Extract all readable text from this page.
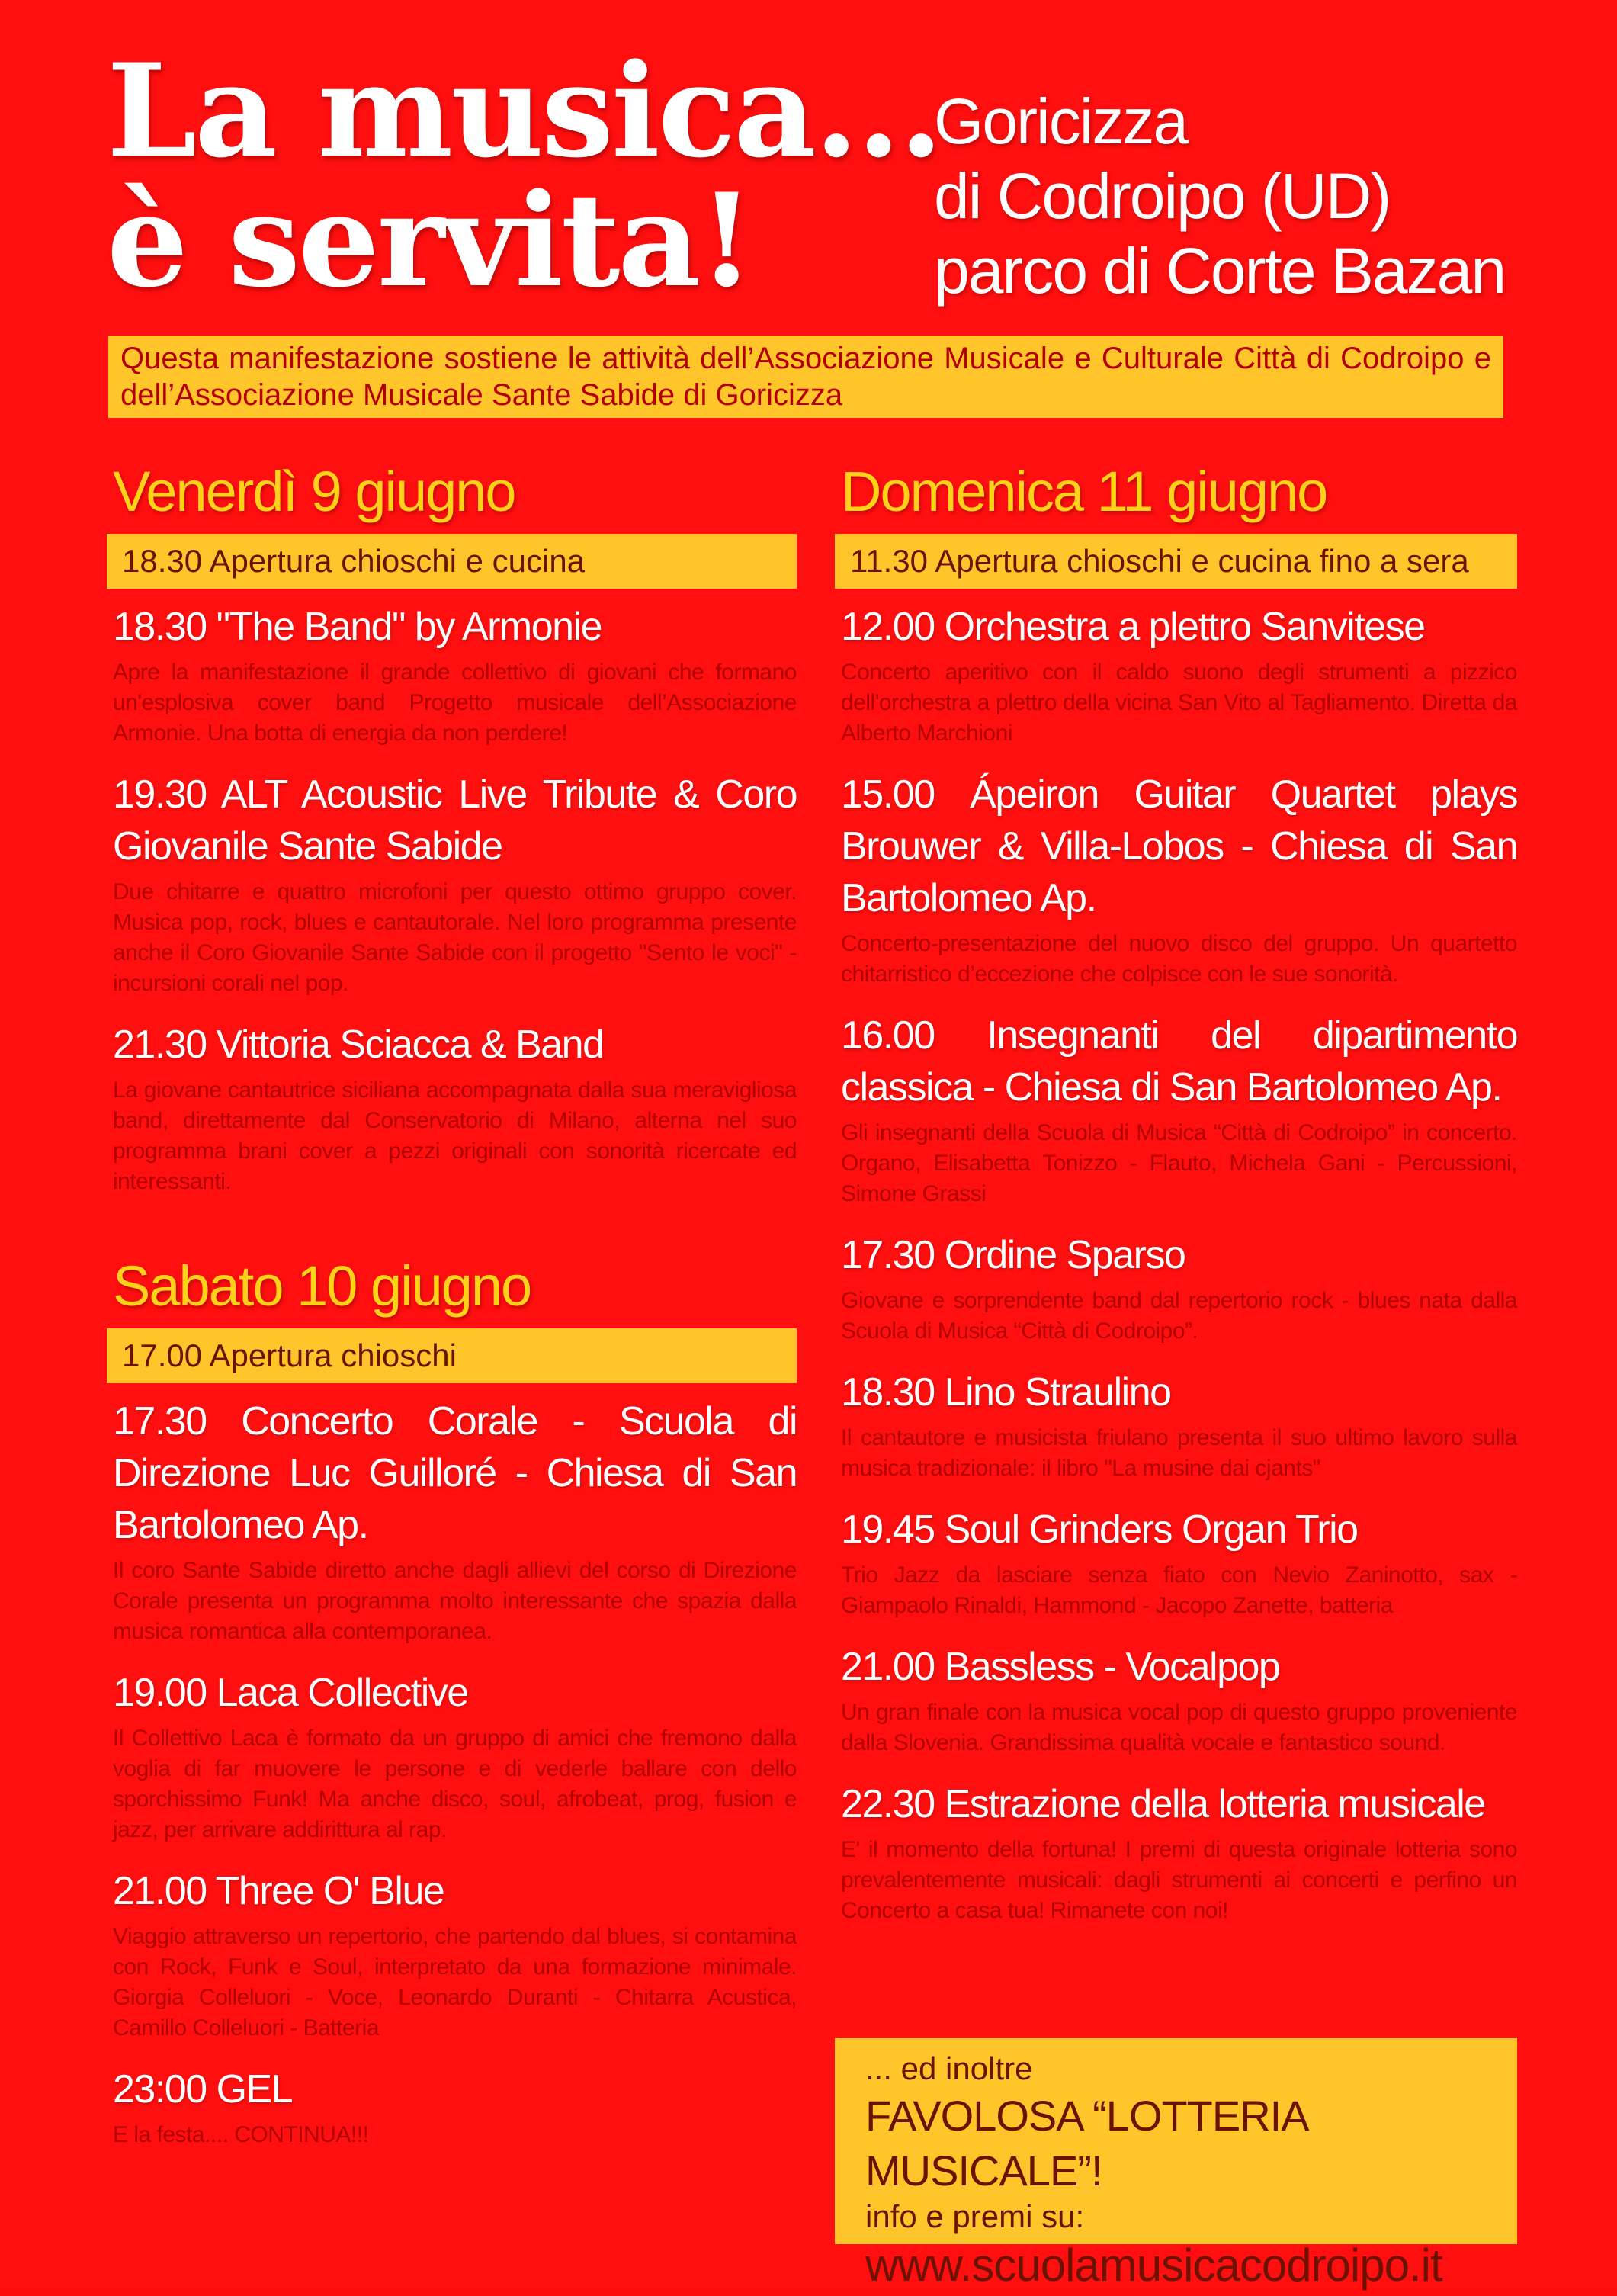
La musica...
è servita!
Goricizza
di Codroipo (UD)
parco di Corte Bazan
Questa manifestazione sostiene le attività dell’Associazione Musicale e Culturale Città di Codroipo e dell’Associazione Musicale Sante Sabide di Goricizza
Venerdì 9 giugno
18.30 Apertura chioschi e cucina
18.30 "The Band" by Armonie
Apre la manifestazione il grande collettivo di giovani che formano un'esplosiva cover band Progetto musicale dell’Associazione Armonie. Una botta di energia da non perdere!
19.30 ALT Acoustic Live Tribute & Coro Giovanile Sante Sabide
Due chitarre e quattro microfoni per questo ottimo gruppo cover. Musica pop, rock, blues e cantautorale. Nel loro programma presente anche il Coro Giovanile Sante Sabide con il progetto "Sento le voci" - incursioni corali nel pop.
21.30 Vittoria Sciacca & Band
La giovane cantautrice siciliana accompagnata dalla sua meravigliosa band, direttamente dal Conservatorio di Milano, alterna nel suo programma brani cover a pezzi originali con sonorità ricercate ed interessanti.
Sabato 10 giugno
17.00 Apertura chioschi
17.30 Concerto Corale - Scuola di Direzione Luc Guilloré - Chiesa di San Bartolomeo Ap.
Il coro Sante Sabide diretto anche dagli allievi del corso di Direzione Corale presenta un programma molto interessante che spazia dalla musica romantica alla contemporanea.
19.00 Laca Collective
Il Collettivo Laca è formato da un gruppo di amici che fremono dalla voglia di far muovere le persone e di vederle ballare con dello sporchissimo Funk! Ma anche disco, soul, afrobeat, prog, fusion e jazz, per arrivare addirittura al rap.
21.00 Three O' Blue
Viaggio attraverso un repertorio, che partendo dal blues, si contamina con Rock, Funk e Soul, interpretato da una formazione minimale. Giorgia Colleluori - Voce, Leonardo Duranti - Chitarra Acustica, Camillo Colleluori - Batteria
23:00 GEL
E la festa.... CONTINUA!!!
Domenica 11 giugno
11.30 Apertura chioschi e cucina fino a sera
12.00 Orchestra a plettro Sanvitese
Concerto aperitivo con il caldo suono degli strumenti a pizzico dell'orchestra a plettro della vicina San Vito al Tagliamento. Diretta da Alberto Marchioni
15.00 Ápeiron Guitar Quartet plays Brouwer & Villa-Lobos - Chiesa di San Bartolomeo Ap.
Concerto-presentazione del nuovo disco del gruppo. Un quartetto chitarristico d’eccezione che colpisce con le sue sonorità.
16.00 Insegnanti del dipartimento classica - Chiesa di San Bartolomeo Ap.
Gli insegnanti della Scuola di Musica “Città di Codroipo” in concerto. Organo, Elisabetta Tonizzo - Flauto, Michela Gani - Percussioni, Simone Grassi
17.30 Ordine Sparso
Giovane e sorprendente band dal repertorio rock - blues nata dalla Scuola di Musica “Città di Codroipo”.
18.30 Lino Straulino
Il cantautore e musicista friulano presenta il suo ultimo lavoro sulla musica tradizionale: il libro "La musine dai cjants"
19.45 Soul Grinders Organ Trio
Trio Jazz da lasciare senza fiato con Nevio Zaninotto, sax - Giampaolo Rinaldi, Hammond - Jacopo Zanette, batteria
21.00 Bassless - Vocalpop
Un gran finale con la musica vocal pop di questo gruppo proveniente dalla Slovenia. Grandissima qualità vocale e fantastico sound.
22.30 Estrazione della lotteria musicale
E' il momento della fortuna! I premi di questa originale lotteria sono prevalentemente musicali: dagli strumenti ai concerti e perfino un Concerto a casa tua! Rimanete con noi!
... ed inoltre
FAVOLOSA “LOTTERIA MUSICALE”!
info e premi su:
www.scuolamusicacodroipo.it
